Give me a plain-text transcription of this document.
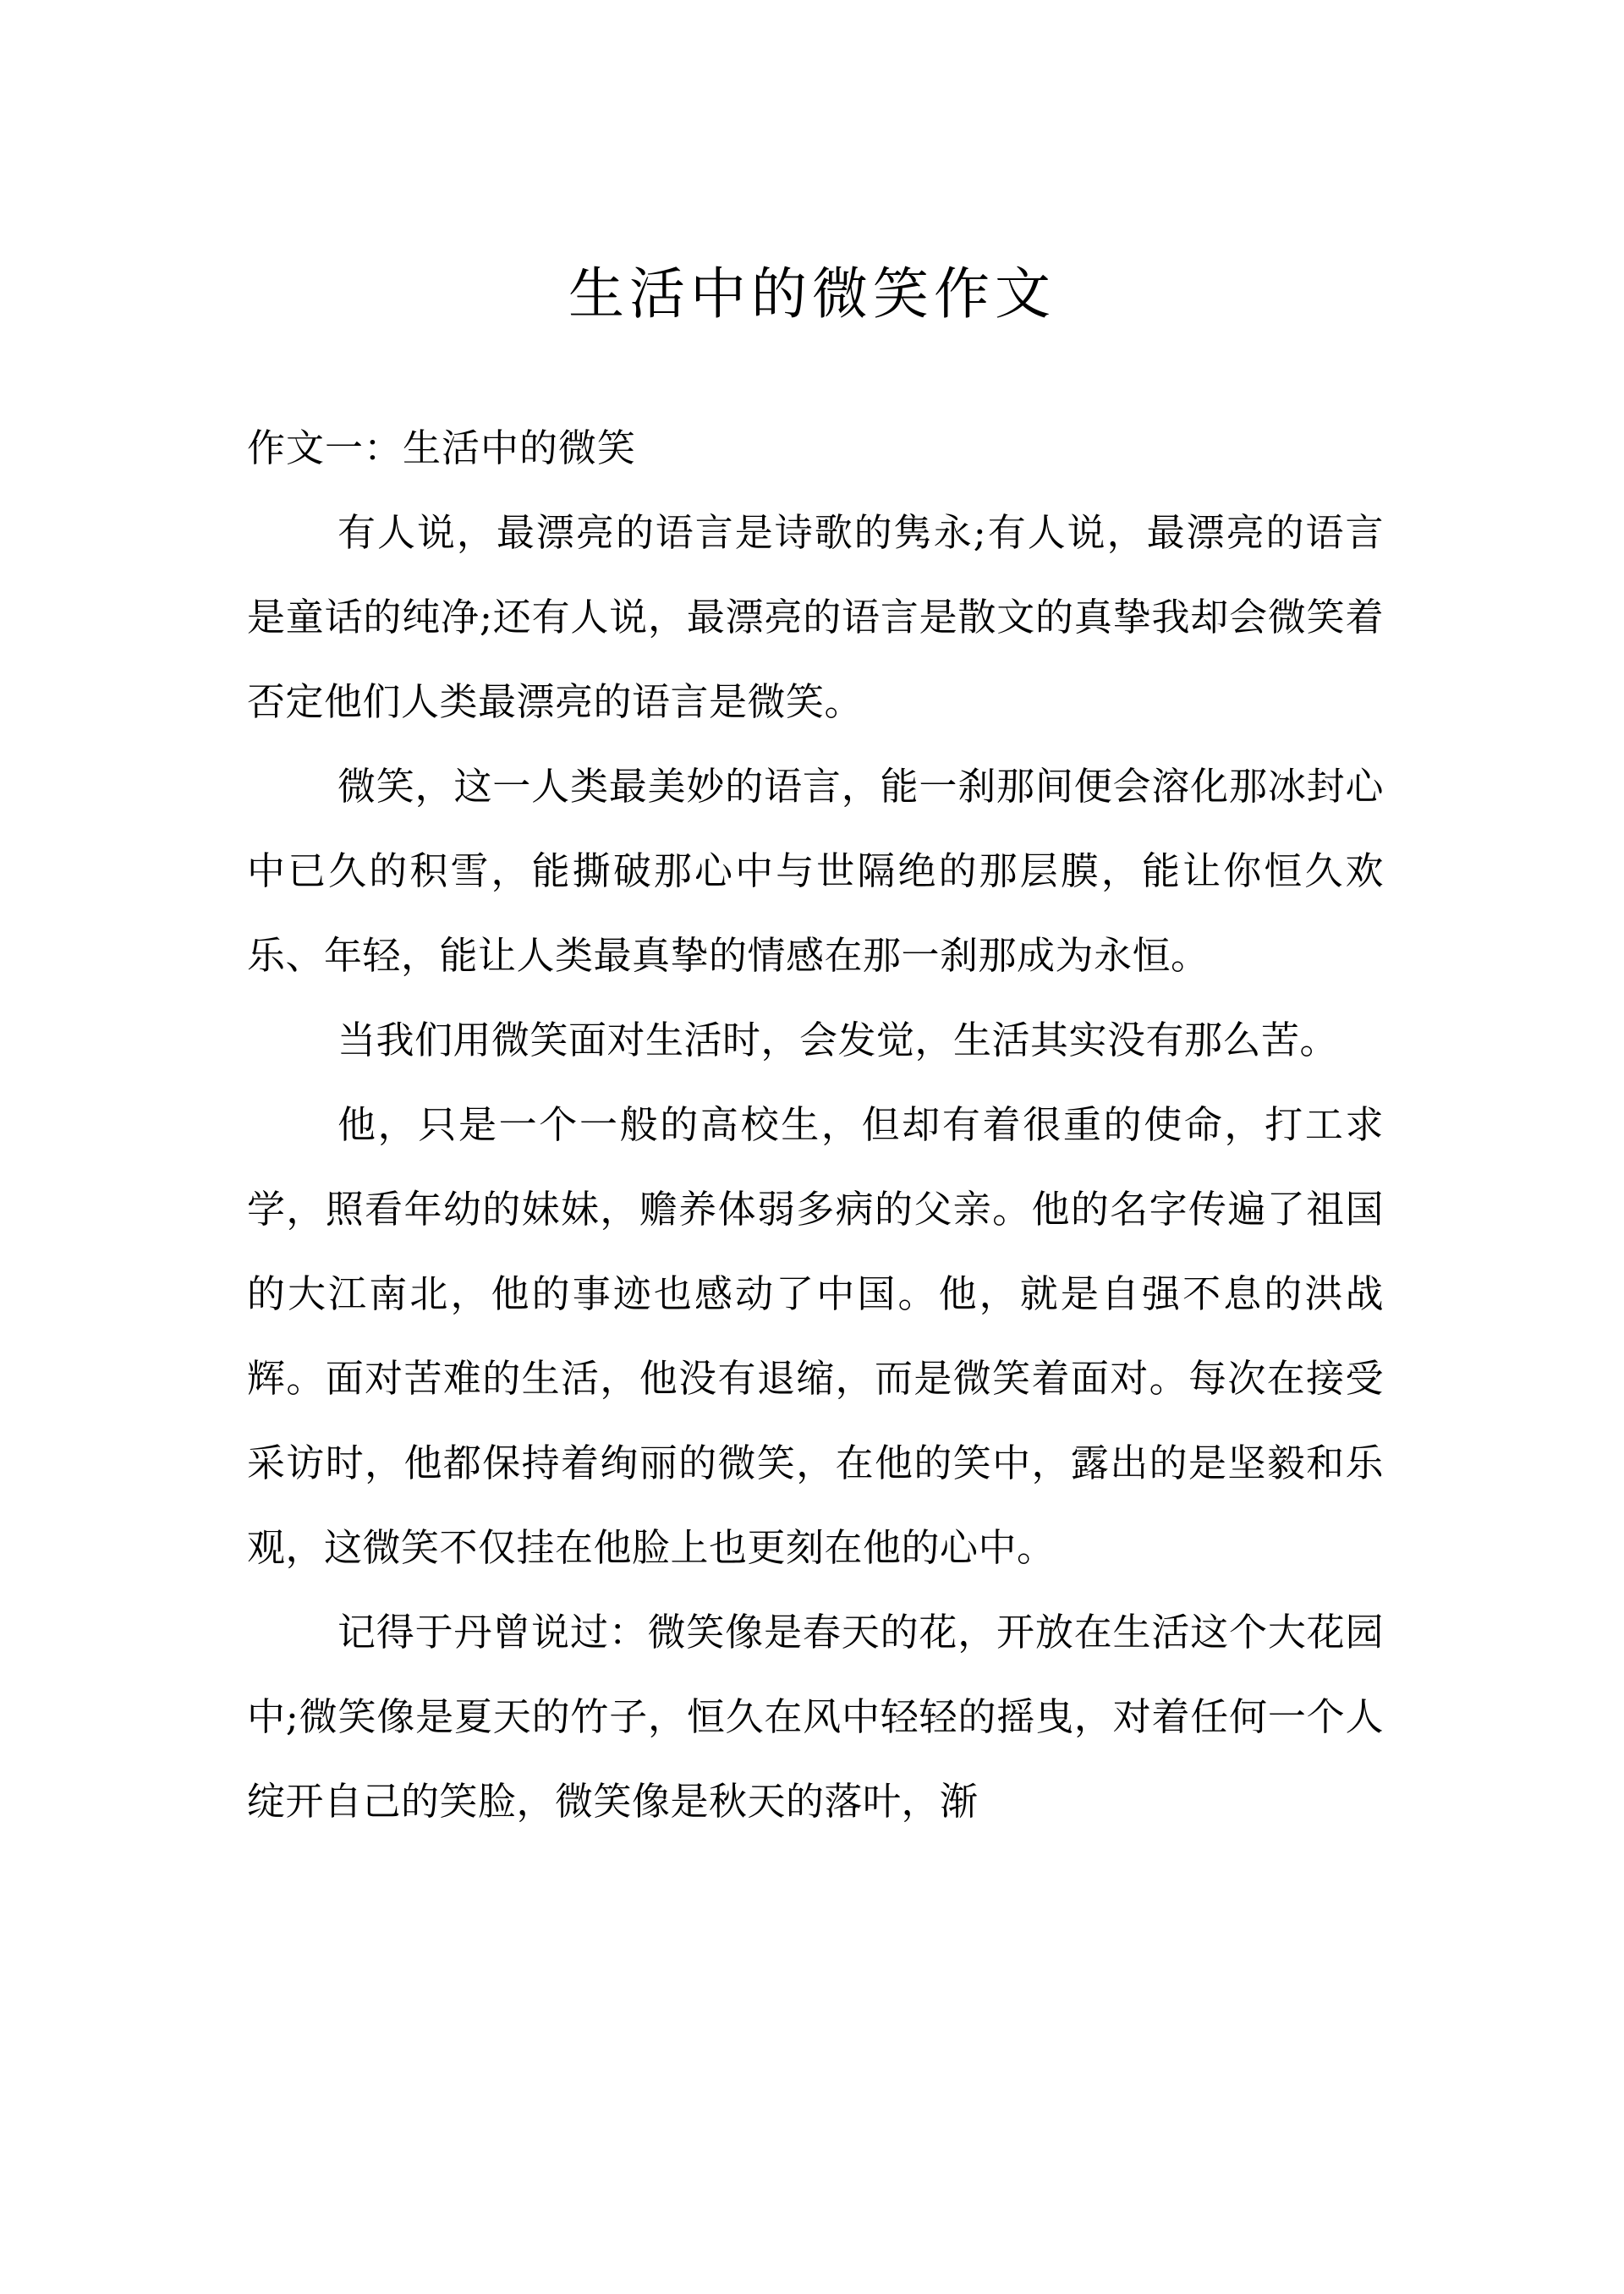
生活中的微笑作文

作文一：生活中的微笑

有人说，最漂亮的语言是诗歌的隽永;有人说，最漂亮的语言是童话的纯净;还有人说，最漂亮的语言是散文的真挚我却会微笑着否定他们人类最漂亮的语言是微笑。

微笑，这一人类最美妙的语言，能一刹那间便会溶化那冰封心中已久的积雪，能撕破那心中与世隔绝的那层膜，能让你恒久欢乐、年轻，能让人类最真挚的情感在那一刹那成为永恒。

当我们用微笑面对生活时，会发觉，生活其实没有那么苦。

他，只是一个一般的高校生，但却有着很重的使命，打工求学，照看年幼的妹妹，赡养体弱多病的父亲。他的名字传遍了祖国的大江南北，他的事迹也感动了中国。他，就是自强不息的洪战辉。面对苦难的生活，他没有退缩，而是微笑着面对。每次在接受采访时，他都保持着绚丽的微笑，在他的笑中，露出的是坚毅和乐观，这微笑不仅挂在他脸上也更刻在他的心中。

记得于丹曾说过：微笑像是春天的花，开放在生活这个大花园中;微笑像是夏天的竹子，恒久在风中轻轻的摇曳，对着任何一个人绽开自己的笑脸，微笑像是秋天的落叶，渐
